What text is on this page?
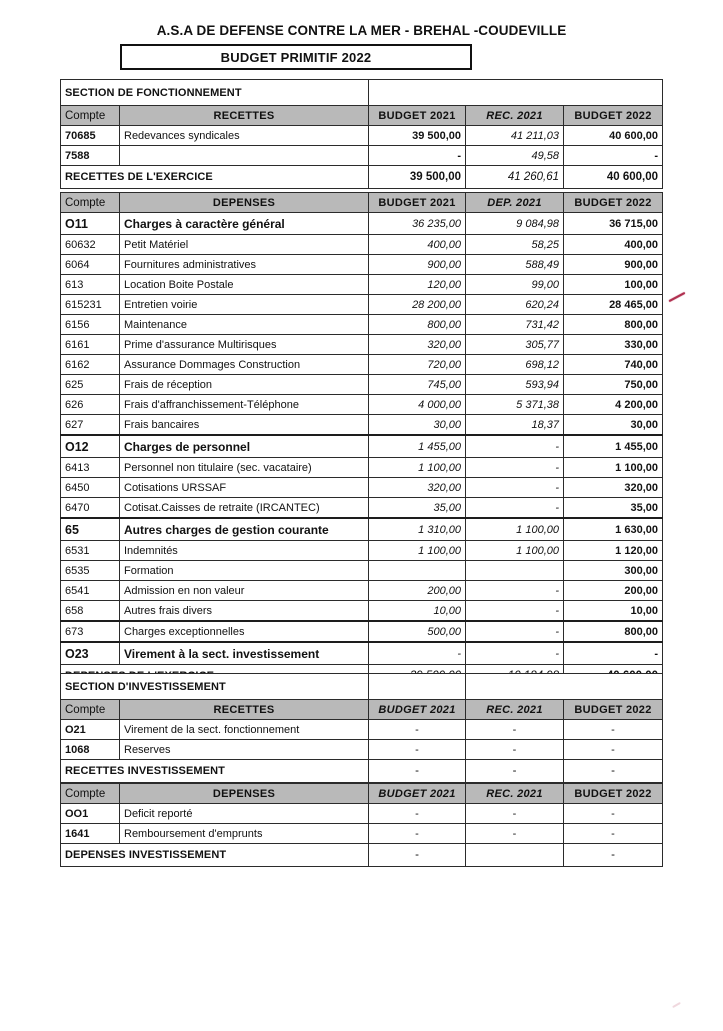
A.S.A DE DEFENSE CONTRE LA MER - BREHAL -COUDEVILLE
BUDGET PRIMITIF 2022
SECTION DE FONCTIONNEMENT				
Compte	RECETTES	BUDGET 2021	REC. 2021	BUDGET 2022
70685	Redevances syndicales	39 500,00	41 211,03	40 600,00
7588		-	49,58	-
RECETTES DE L'EXERCICE		39 500,00	41 260,61	40 600,00
Compte	DEPENSES	BUDGET 2021	DEP. 2021	BUDGET 2022
O11	Charges à caractère général	36 235,00	9 084,98	36 715,00
60632	Petit Matériel	400,00	58,25	400,00
6064	Fournitures administratives	900,00	588,49	900,00
613	Location Boite Postale	120,00	99,00	100,00
615231	Entretien voirie	28 200,00	620,24	28 465,00
6156	Maintenance	800,00	731,42	800,00
6161	Prime d'assurance Multirisques	320,00	305,77	330,00
6162	Assurance Dommages Construction	720,00	698,12	740,00
625	Frais de réception	745,00	593,94	750,00
626	Frais d'affranchissement-Téléphone	4 000,00	5 371,38	4 200,00
627	Frais bancaires	30,00	18,37	30,00
O12	Charges de personnel	1 455,00	-	1 455,00
6413	Personnel non titulaire (sec. vacataire)	1 100,00	-	1 100,00
6450	Cotisations URSSAF	320,00	-	320,00
6470	Cotisat.Caisses de retraite (IRCANTEC)	35,00	-	35,00
65	Autres charges de gestion courante	1 310,00	1 100,00	1 630,00
6531	Indemnités	1 100,00	1 100,00	1 120,00
6535	Formation			300,00
6541	Admission en non valeur	200,00	-	200,00
658	Autres frais divers	10,00	-	10,00
673	Charges exceptionnelles	500,00	-	800,00
O23	Virement à la sect. investissement	-	-	-

SECTION D'INVESTISSEMENT				
Compte	RECETTES	BUDGET 2021	REC. 2021	BUDGET 2022
O21	Virement de la sect. fonctionnement	-	-	-
1068	Reserves	-	-	-
RECETTES INVESTISSEMENT		-	-	-
Compte	DEPENSES	BUDGET 2021	REC. 2021	BUDGET 2022
OO1	Deficit reporté	-	-	-
1641	Remboursement d'emprunts	-	-	-
DEPENSES INVESTISSEMENT		-		-
